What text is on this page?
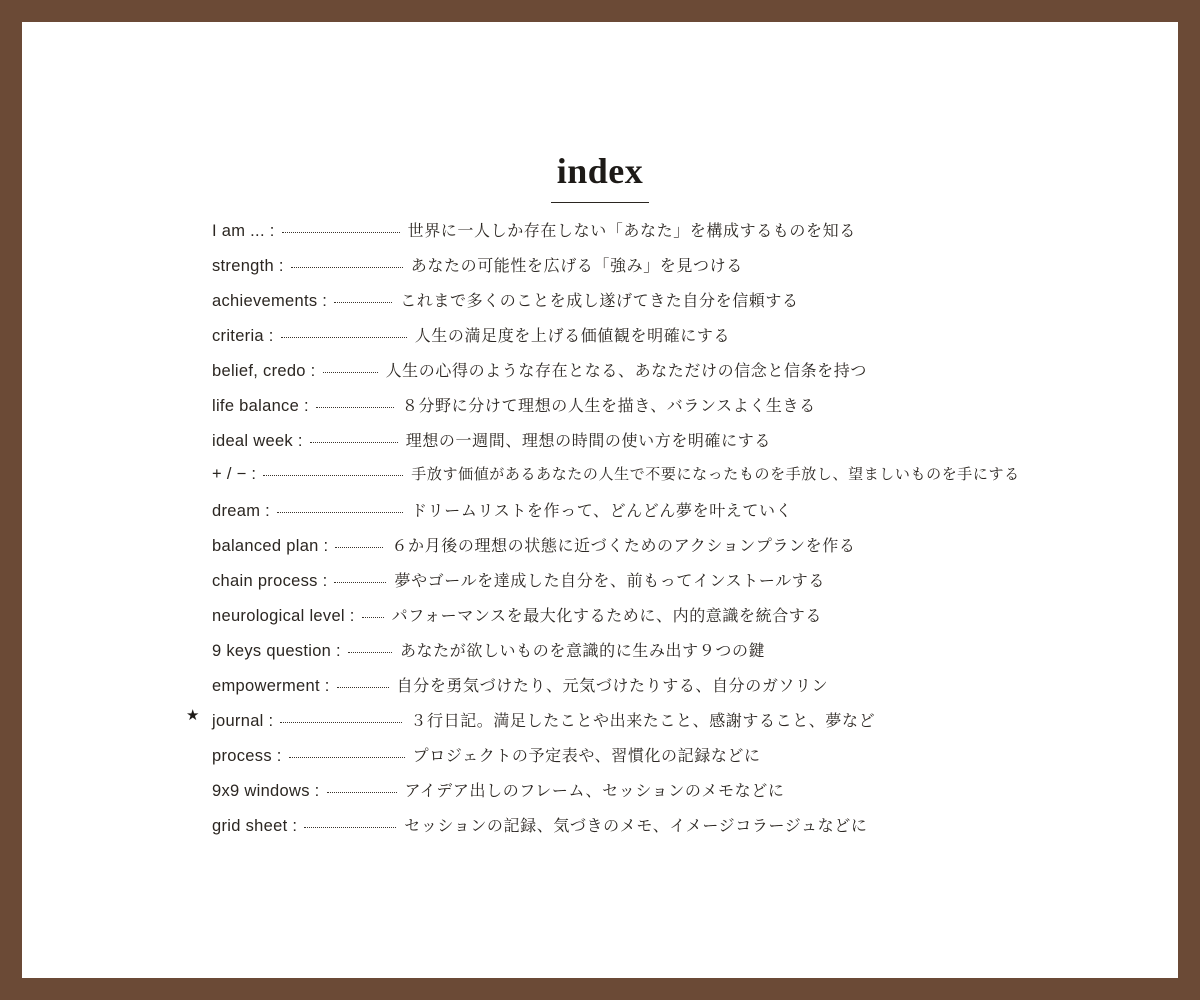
index
I am ... :	世界に一人しか存在しない「あなた」を構成するものを知る
strength :	あなたの可能性を広げる「強み」を見つける
achievements :	これまで多くのことを成し遂げてきた自分を信頼する
criteria :	人生の満足度を上げる価値観を明確にする
belief, credo :	人生の心得のような存在となる、あなただけの信念と信条を持つ
life balance :	８分野に分けて理想の人生を描き、バランスよく生きる
ideal week :	理想の一週間、理想の時間の使い方を明確にする
+ / − :	手放す価値があるあなたの人生で不要になったものを手放し、望ましいものを手にする
dream :	ドリームリストを作って、どんどん夢を叶えていく
balanced plan :	６か月後の理想の状態に近づくためのアクションプランを作る
chain process :	夢やゴールを達成した自分を、前もってインストールする
neurological level : パフォーマンスを最大化するために、内的意識を統合する
9 keys question :	あなたが欲しいものを意識的に生み出す９つの鍵
empowerment :	自分を勇気づけたり、元気づけたりする、自分のガソリン
★ journal :	３行日記。満足したことや出来たこと、感謝すること、夢など
process :	プロジェクトの予定表や、習慣化の記録などに
9x9 windows :	アイデア出しのフレーム、セッションのメモなどに
grid sheet :	セッションの記録、気づきのメモ、イメージコラージュなどに
